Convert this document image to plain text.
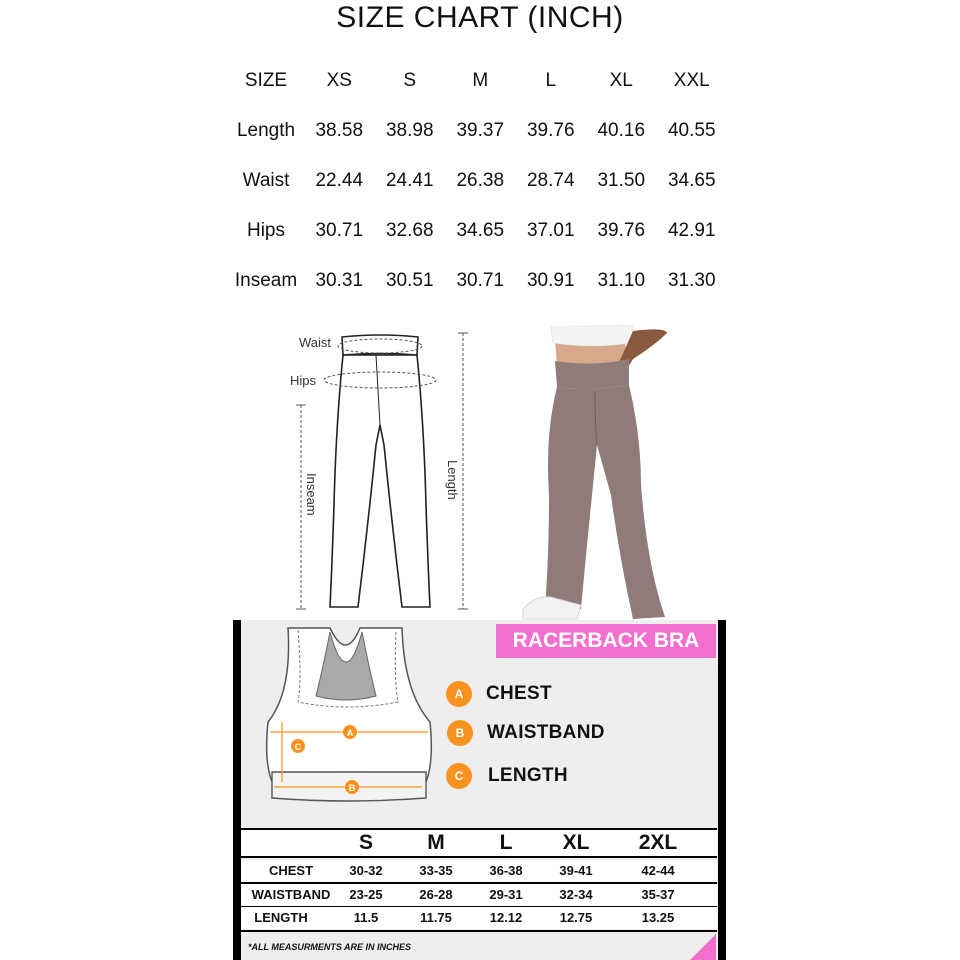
SIZE CHART (INCH)
SIZE	XS	S	M	L	XL	XXL
Length	38.58	38.98	39.37	39.76	40.16	40.55
Waist	22.44	24.41	26.38	28.74	31.50	34.65
Hips	30.71	32.68	34.65	37.01	39.76	42.91
Inseam	30.31	30.51	30.71	30.91	31.10	31.30
Waist
Hips
Inseam	Length
RACERBACK BRA
A
C
B
A	CHEST
B	WAISTBAND
C	LENGTH
S	M	L	XL	2XL
CHEST	30-32	33-35	36-38	39-41	42-44
WAISTBAND	23-25	26-28	29-31	32-34	35-37
LENGTH	11.5	11.75	12.12	12.75	13.25
*ALL MEASURMENTS ARE IN INCHES
